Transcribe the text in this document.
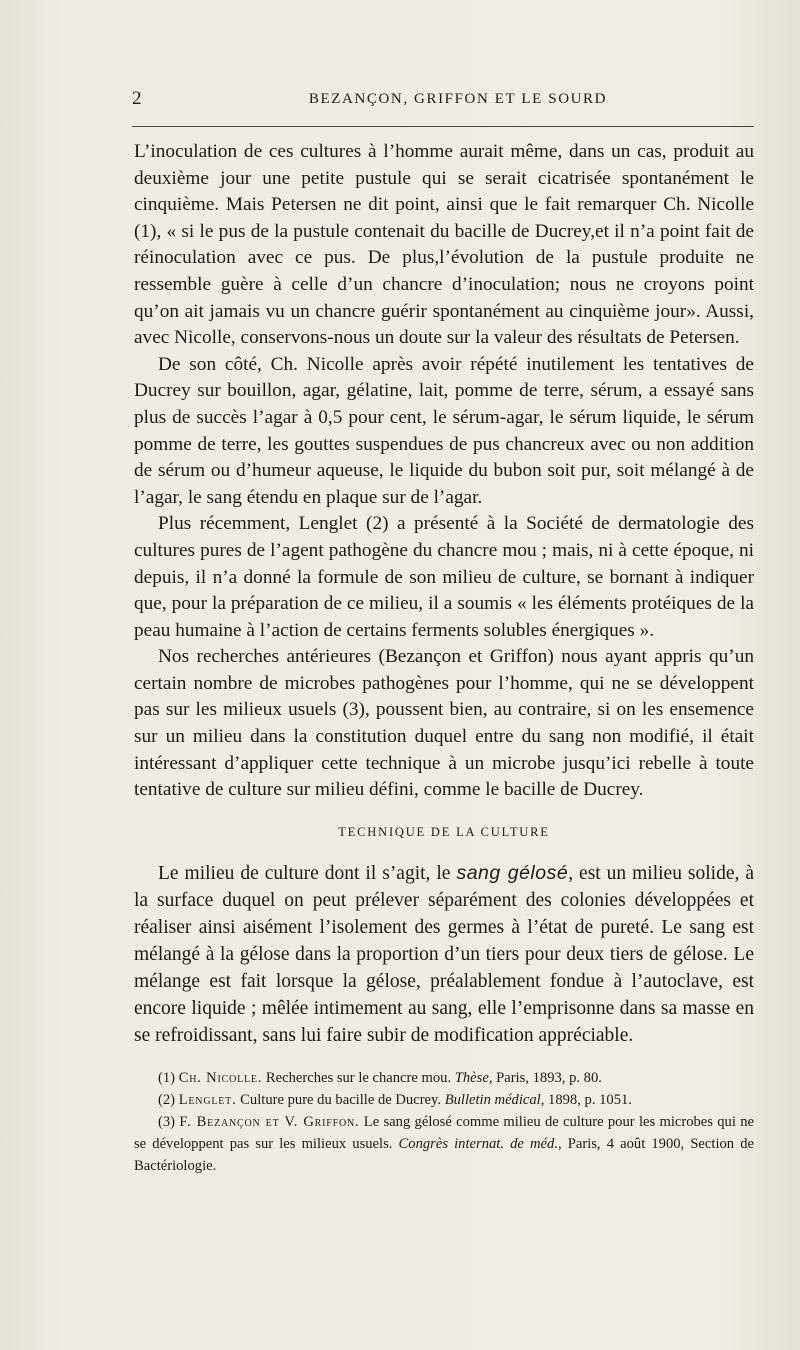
2	BEZANÇON, GRIFFON ET LE SOURD

L’inoculation de ces cultures à l’homme aurait même, dans un cas, produit au deuxième jour une petite pustule qui se serait cicatrisée spontanément le cinquième. Mais Petersen ne dit point, ainsi que le fait remarquer Ch. Nicolle (1), « si le pus de la pustule contenait du bacille de Ducrey,et il n’a point fait de réinoculation avec ce pus. De plus,l’évolution de la pustule produite ne ressemble guère à celle d’un chancre d’inoculation; nous ne croyons point qu’on ait jamais vu un chancre guérir spontanément au cinquième jour». Aussi, avec Nicolle, conservons-nous un doute sur la valeur des résultats de Petersen.

De son côté, Ch. Nicolle après avoir répété inutilement les tentatives de Ducrey sur bouillon, agar, gélatine, lait, pomme de terre, sérum, a essayé sans plus de succès l’agar à 0,5 pour cent, le sérum-agar, le sérum liquide, le sérum pomme de terre, les gouttes suspendues de pus chancreux avec ou non addition de sérum ou d’humeur aqueuse, le liquide du bubon soit pur, soit mélangé à de l’agar, le sang étendu en plaque sur de l’agar.

Plus récemment, Lenglet (2) a présenté à la Société de dermatologie des cultures pures de l’agent pathogène du chancre mou ; mais, ni à cette époque, ni depuis, il n’a donné la formule de son milieu de culture, se bornant à indiquer que, pour la préparation de ce milieu, il a soumis « les éléments protéiques de la peau humaine à l’action de certains ferments solubles énergiques ».

Nos recherches antérieures (Bezançon et Griffon) nous ayant appris qu’un certain nombre de microbes pathogènes pour l’homme, qui ne se développent pas sur les milieux usuels (3), poussent bien, au contraire, si on les ensemence sur un milieu dans la constitution duquel entre du sang non modifié, il était intéressant d’appliquer cette technique à un microbe jusqu’ici rebelle à toute tentative de culture sur milieu défini, comme le bacille de Ducrey.

TECHNIQUE DE LA CULTURE

Le milieu de culture dont il s’agit, le sang gélosé, est un milieu solide, à la surface duquel on peut prélever séparément des colonies développées et réaliser ainsi aisément l’isolement des germes à l’état de pureté. Le sang est mélangé à la gélose dans la proportion d’un tiers pour deux tiers de gélose. Le mélange est fait lorsque la gélose, préalablement fondue à l’autoclave, est encore liquide ; mêlée intimement au sang, elle l’emprisonne dans sa masse en se refroidissant, sans lui faire subir de modification appréciable.

(1) Ch. Nicolle. Recherches sur le chancre mou. Thèse, Paris, 1893, p. 80.

(2) Lenglet. Culture pure du bacille de Ducrey. Bulletin médical, 1898, p. 1051.

(3) F. Bezançon et V. Griffon. Le sang gélosé comme milieu de culture pour les microbes qui ne se développent pas sur les milieux usuels. Congrès internat. de méd., Paris, 4 août 1900, Section de Bactériologie.
